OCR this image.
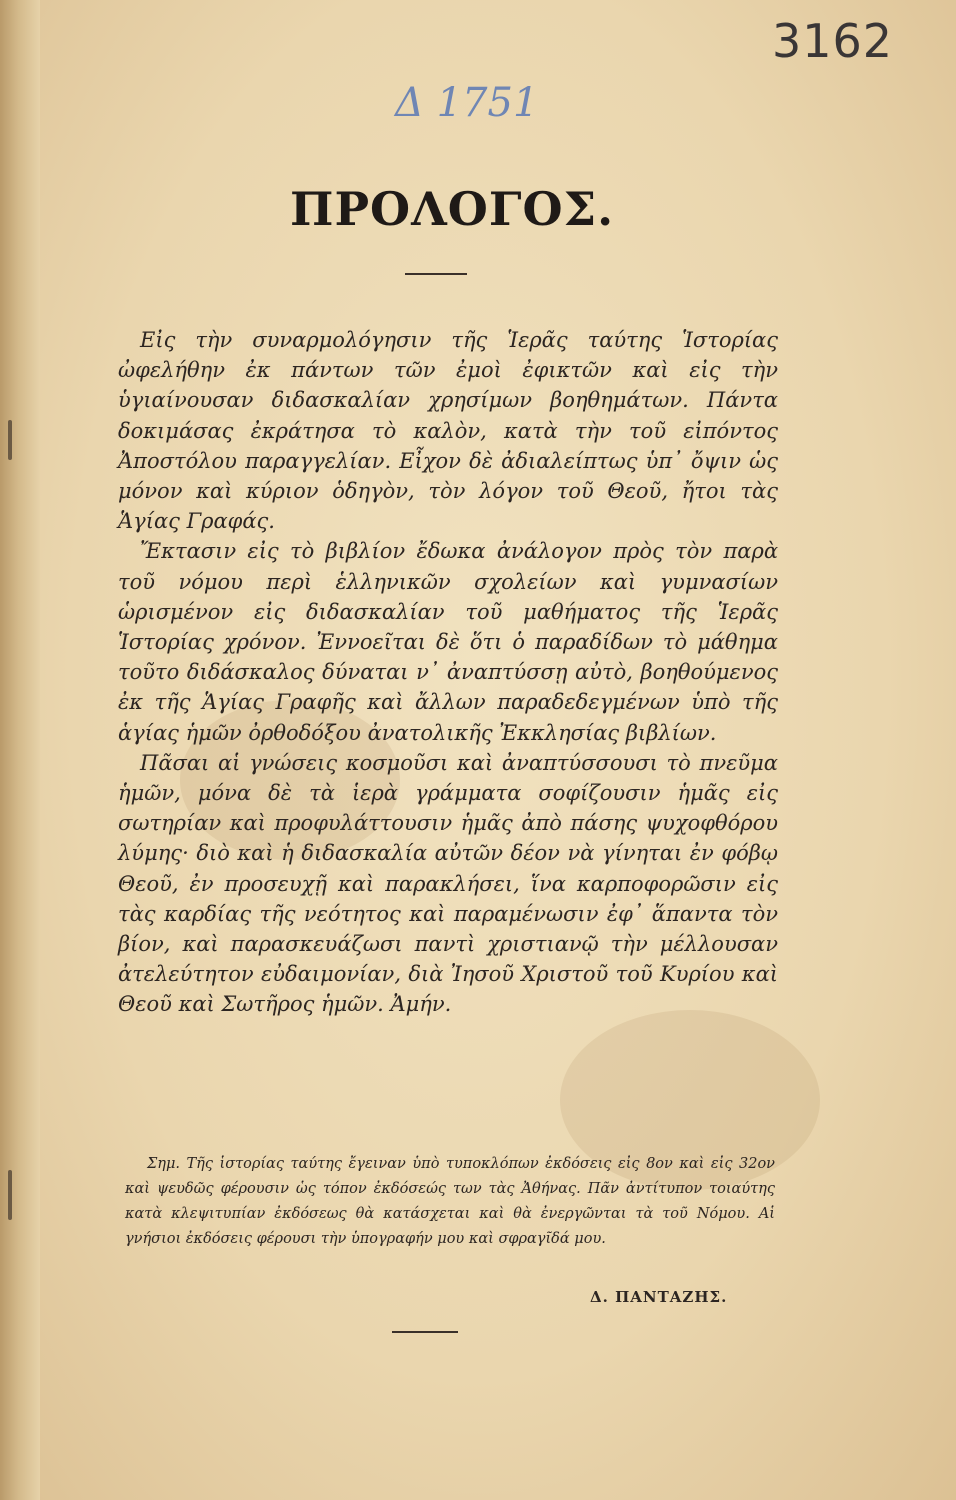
3162
Δ 1751
ΠΡΟΛΟΓΟΣ.

Εἰς τὴν συναρμολόγησιν τῆς Ἱερᾶς ταύτης Ἱστορίας ὠφελήθην ἐκ πάντων τῶν ἐμοὶ ἐφικτῶν καὶ εἰς τὴν ὑγιαίνουσαν διδασκαλίαν χρησίμων βοηθημάτων. Πάντα δοκιμάσας ἐκράτησα τὸ καλὸν, κατὰ τὴν τοῦ εἰπόντος Ἀποστόλου παραγγελίαν. Εἶχον δὲ ἀδιαλείπτως ὑπ᾽ ὄψιν ὡς μόνον καὶ κύριον ὁδηγὸν, τὸν λόγον τοῦ Θεοῦ, ἤτοι τὰς Ἁγίας Γραφάς.

Ἔκτασιν εἰς τὸ βιβλίον ἔδωκα ἀνάλογον πρὸς τὸν παρὰ τοῦ νόμου περὶ ἑλληνικῶν σχολείων καὶ γυμνασίων ὡρισμένον εἰς διδασκαλίαν τοῦ μαθήματος τῆς Ἱερᾶς Ἱστορίας χρόνον. Ἐννοεῖται δὲ ὅτι ὁ παραδίδων τὸ μάθημα τοῦτο διδάσκαλος δύναται ν᾽ ἀναπτύσσῃ αὐτὸ, βοηθούμενος ἐκ τῆς Ἁγίας Γραφῆς καὶ ἄλλων παραδεδεγμένων ὑπὸ τῆς ἁγίας ἡμῶν ὀρθοδόξου ἀνατολικῆς Ἐκκλησίας βιβλίων.

Πᾶσαι αἱ γνώσεις κοσμοῦσι καὶ ἀναπτύσσουσι τὸ πνεῦμα ἡμῶν, μόνα δὲ τὰ ἱερὰ γράμματα σοφίζουσιν ἡμᾶς εἰς σωτηρίαν καὶ προφυλάττουσιν ἡμᾶς ἀπὸ πάσης ψυχοφθόρου λύμης· διὸ καὶ ἡ διδασκαλία αὐτῶν δέον νὰ γίνηται ἐν φόβῳ Θεοῦ, ἐν προσευχῇ καὶ παρακλήσει, ἵνα καρποφορῶσιν εἰς τὰς καρδίας τῆς νεότητος καὶ παραμένωσιν ἐφ᾽ ἅπαντα τὸν βίον, καὶ παρασκευάζωσι παντὶ χριστιανῷ τὴν μέλλουσαν ἀτελεύτητον εὐδαιμονίαν, διὰ Ἰησοῦ Χριστοῦ τοῦ Κυρίου καὶ Θεοῦ καὶ Σωτῆρος ἡμῶν. Ἀμήν.

Σημ. Τῆς ἱστορίας ταύτης ἔγειναν ὑπὸ τυποκλόπων ἐκδόσεις εἰς 8ον καὶ εἰς 32ον καὶ ψευδῶς φέρουσιν ὡς τόπον ἐκδόσεώς των τὰς Ἀθήνας. Πᾶν ἀντίτυπον τοιαύτης κατὰ κλεψιτυπίαν ἐκδόσεως θὰ κατάσχεται καὶ θὰ ἐνεργῶνται τὰ τοῦ Νόμου. Αἱ γνήσιοι ἐκδόσεις φέρουσι τὴν ὑπογραφήν μου καὶ σφραγῖδά μου.
Δ. ΠΑΝΤΑΖΗΣ.
